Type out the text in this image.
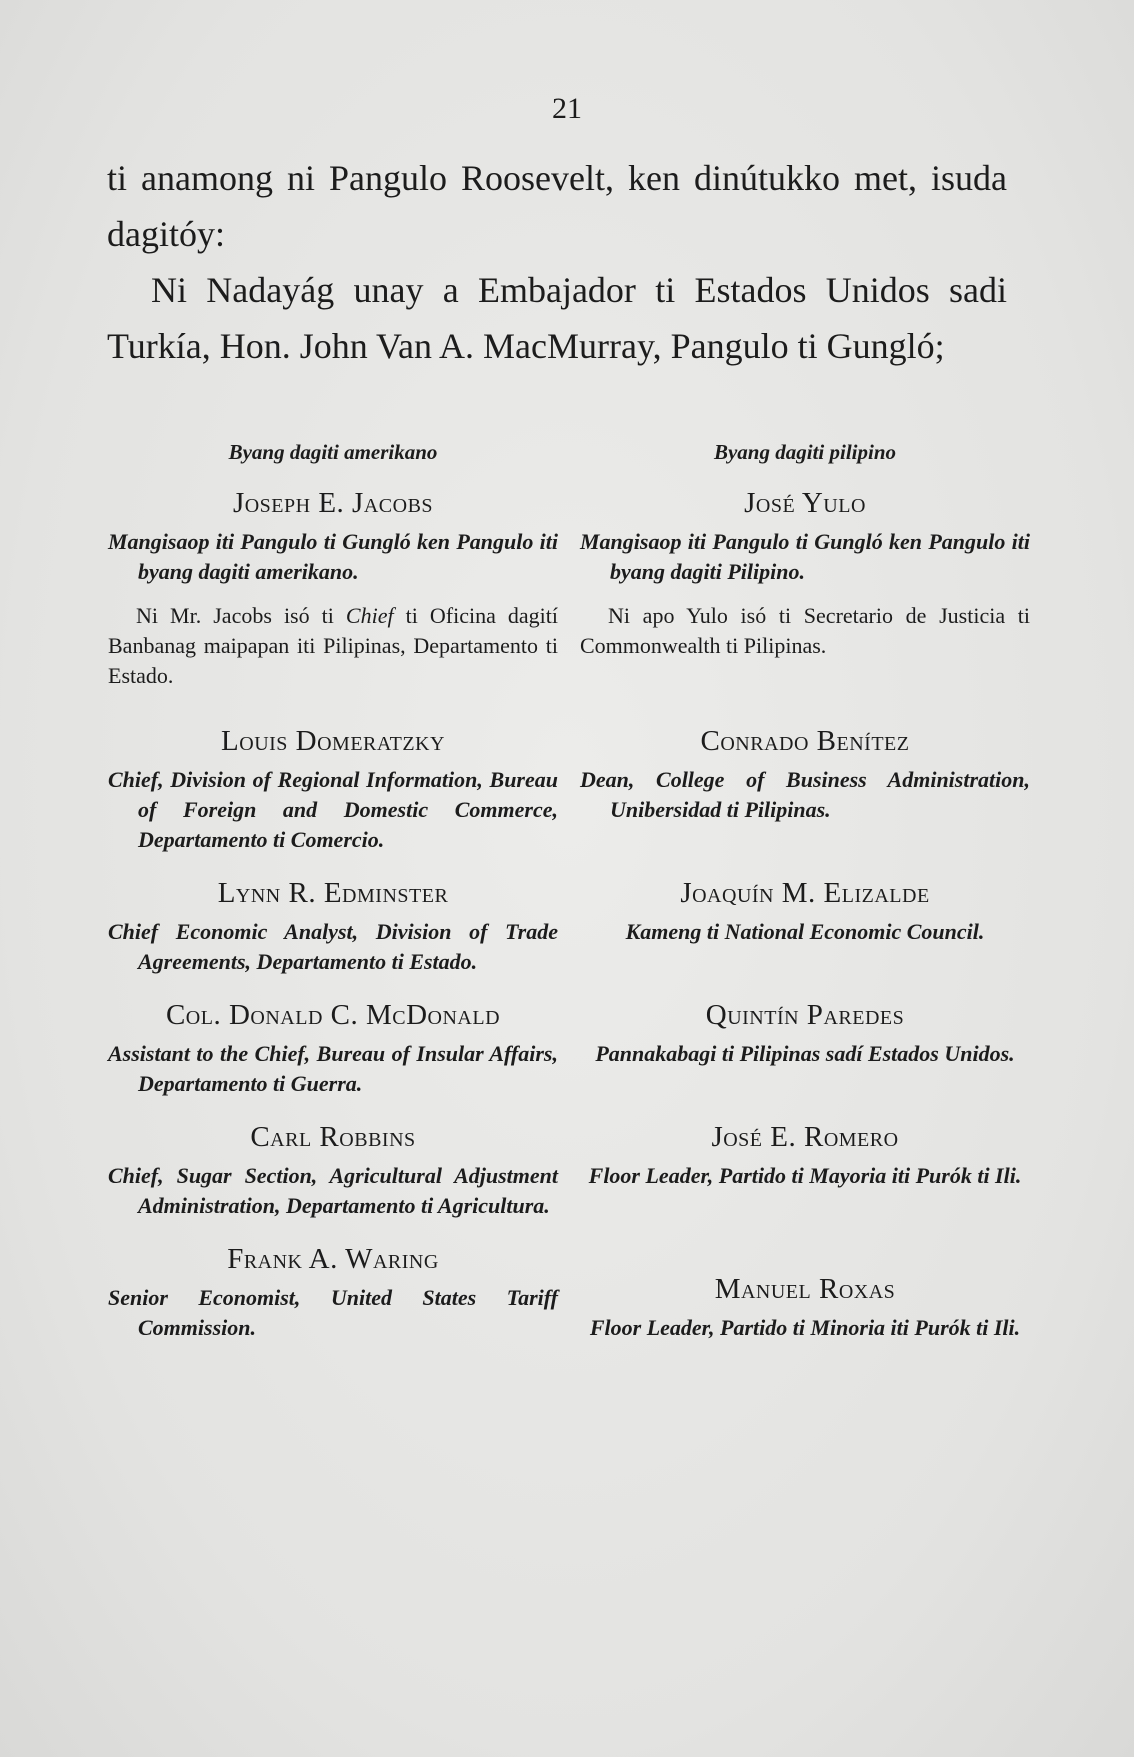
21

ti anamong ni Pangulo Roosevelt, ken dinútukko met, isuda dagitóy:

Ni Nadayág unay a Embajador ti Estados Unidos sadi Turkía, Hon. John Van A. MacMurray, Pangulo ti Gungló;

Byang dagiti amerikano
Joseph E. Jacobs
Mangisaop iti Pangulo ti Gungló ken Pangulo iti byang dagiti amerikano.
Ni Mr. Jacobs isó ti Chief ti Oficina dagití Banbanag maipapan iti Pilipinas, Departamento ti Estado.
Louis Domeratzky
Chief, Division of Regional Information, Bureau of Foreign and Domestic Commerce, Departamento ti Comercio.
Lynn R. Edminster
Chief Economic Analyst, Division of Trade Agreements, Departamento ti Estado.
Col. Donald C. McDonald
Assistant to the Chief, Bureau of Insular Affairs, Departamento ti Guerra.
Carl Robbins
Chief, Sugar Section, Agricultural Adjustment Administration, Departamento ti Agricultura.
Frank A. Waring
Senior Economist, United States Tariff Commission.
Byang dagiti pilipino
José Yulo
Mangisaop iti Pangulo ti Gungló ken Pangulo iti byang dagiti Pilipino.
Ni apo Yulo isó ti Secretario de Justicia ti Commonwealth ti Pilipinas.
Conrado Benítez
Dean, College of Business Administration, Unibersidad ti Pilipinas.
Joaquín M. Elizalde
Kameng ti National Economic Council.
Quintín Paredes
Pannakabagi ti Pilipinas sadí Estados Unidos.
José E. Romero
Floor Leader, Partido ti Mayoria iti Purók ti Ili.
Manuel Roxas
Floor Leader, Partido ti Minoria iti Purók ti Ili.
